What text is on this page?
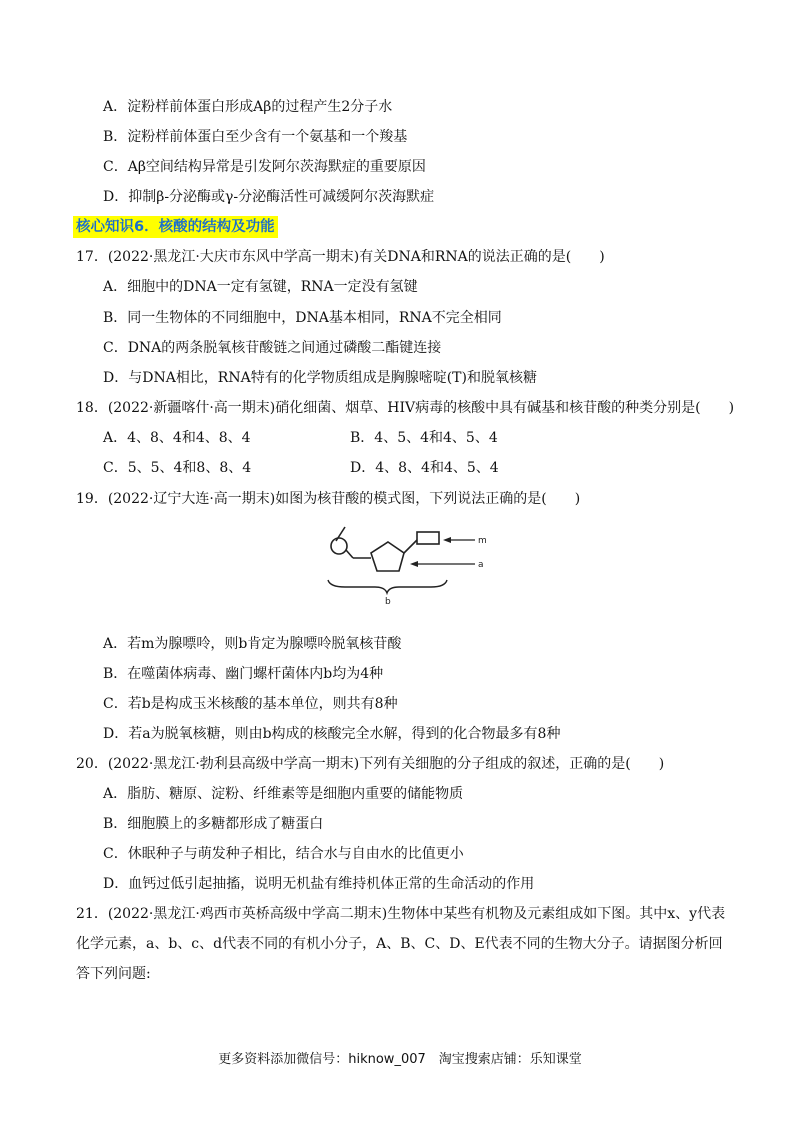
A．淀粉样前体蛋白形成Aβ的过程产生2分子水
B．淀粉样前体蛋白至少含有一个氨基和一个羧基
C．Aβ空间结构异常是引发阿尔茨海默症的重要原因
D．抑制β-分泌酶或γ-分泌酶活性可减缓阿尔茨海默症
核心知识6．核酸的结构及功能
17．(2022·黑龙江·大庆市东风中学高一期末)有关DNA和RNA的说法正确的是(　　)
A．细胞中的DNA一定有氢键，RNA一定没有氢键
B．同一生物体的不同细胞中，DNA基本相同，RNA不完全相同
C．DNA的两条脱氧核苷酸链之间通过磷酸二酯键连接
D．与DNA相比，RNA特有的化学物质组成是胸腺嘧啶(T)和脱氧核糖
18．(2022·新疆喀什·高一期末)硝化细菌、烟草、HIV病毒的核酸中具有碱基和核苷酸的种类分别是(　　)
A．4、8、4和4、8、4	B．4、5、4和4、5、4
C．5、5、4和8、8、4	D．4、8、4和4、5、4
19．(2022·辽宁大连·高一期末)如图为核苷酸的模式图，下列说法正确的是(　　)
m
a
b
A．若m为腺嘌呤，则b肯定为腺嘌呤脱氧核苷酸
B．在噬菌体病毒、幽门螺杆菌体内b均为4种
C．若b是构成玉米核酸的基本单位，则共有8种
D．若a为脱氧核糖，则由b构成的核酸完全水解，得到的化合物最多有8种
20．(2022·黑龙江·勃利县高级中学高一期末)下列有关细胞的分子组成的叙述，正确的是(　　)
A．脂肪、糖原、淀粉、纤维素等是细胞内重要的储能物质
B．细胞膜上的多糖都形成了糖蛋白
C．休眠种子与萌发种子相比，结合水与自由水的比值更小
D．血钙过低引起抽搐，说明无机盐有维持机体正常的生命活动的作用
21．(2022·黑龙江·鸡西市英桥高级中学高二期末)生物体中某些有机物及元素组成如下图。其中x、y代表
化学元素，a、b、c、d代表不同的有机小分子，A、B、C、D、E代表不同的生物大分子。请据图分析回
答下列问题:
更多资料添加微信号：hiknow_007　淘宝搜索店铺：乐知课堂
